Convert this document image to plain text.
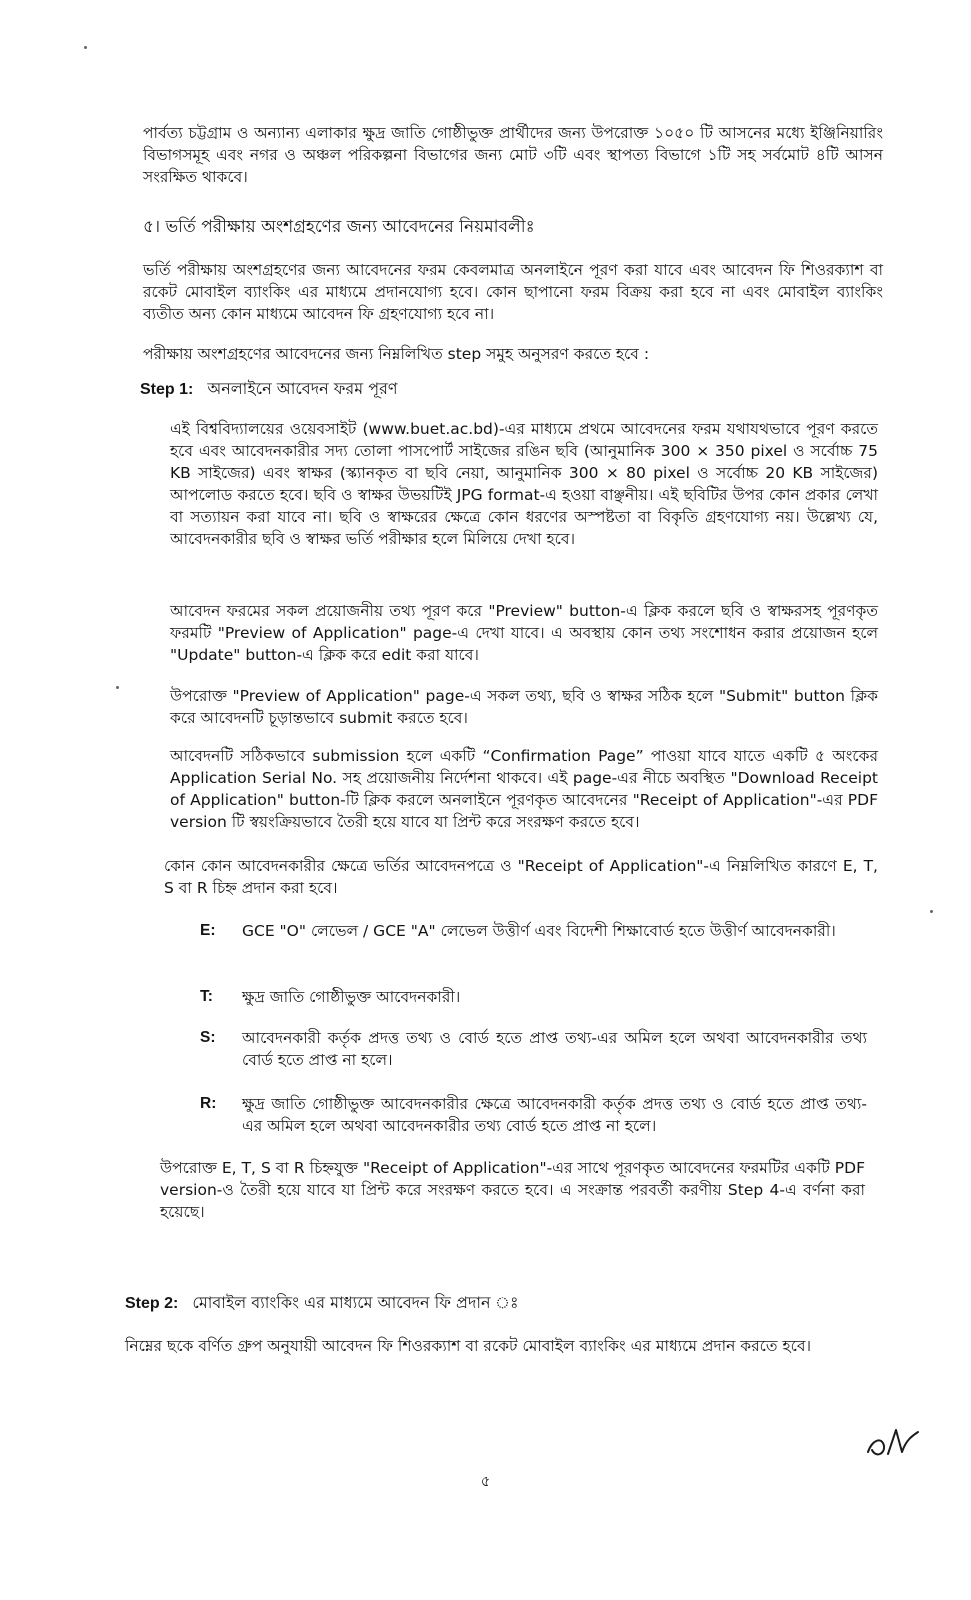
পার্বত্য চট্টগ্রাম ও অন্যান্য এলাকার ক্ষুদ্র জাতি গোষ্ঠীভুক্ত প্রার্থীদের জন্য উপরোক্ত ১০৫০ টি আসনের মধ্যে ইঞ্জিনিয়ারিং বিভাগসমূহ এবং নগর ও অঞ্চল পরিকল্পনা বিভাগের জন্য মোট ৩টি এবং স্থাপত্য বিভাগে ১টি সহ সর্বমোট ৪টি আসন সংরক্ষিত থাকবে।

৫। ভর্তি পরীক্ষায় অংশগ্রহণের জন্য আবেদনের নিয়মাবলীঃ

ভর্তি পরীক্ষায় অংশগ্রহণের জন্য আবেদনের ফরম কেবলমাত্র অনলাইনে পূরণ করা যাবে এবং আবেদন ফি শিওরক্যাশ বা রকেট মোবাইল ব্যাংকিং এর মাধ্যমে প্রদানযোগ্য হবে। কোন ছাপানো ফরম বিক্রয় করা হবে না এবং মোবাইল ব্যাংকিং ব্যতীত অন্য কোন মাধ্যমে আবেদন ফি গ্রহণযোগ্য হবে না।

পরীক্ষায় অংশগ্রহণের আবেদনের জন্য নিম্নলিখিত step সমুহ অনুসরণ করতে হবে :

Step 1: অনলাইনে আবেদন ফরম পূরণ

এই বিশ্ববিদ্যালয়ের ওয়েবসাইট (www.buet.ac.bd)-এর মাধ্যমে প্রথমে আবেদনের ফরম যথাযথভাবে পূরণ করতে হবে এবং আবেদনকারীর সদ্য তোলা পাসপোর্ট সাইজের রঙিন ছবি (আনুমানিক 300 × 350 pixel ও সর্বোচ্চ 75 KB সাইজের) এবং স্বাক্ষর (স্ক্যানকৃত বা ছবি নেয়া, আনুমানিক 300 × 80 pixel ও সর্বোচ্চ 20 KB সাইজের) আপলোড করতে হবে। ছবি ও স্বাক্ষর উভয়টিই JPG format-এ হওয়া বাঞ্ছনীয়। এই ছবিটির উপর কোন প্রকার লেখা বা সত্যায়ন করা যাবে না। ছবি ও স্বাক্ষরের ক্ষেত্রে কোন ধরণের অস্পষ্টতা বা বিকৃতি গ্রহণযোগ্য নয়। উল্লেখ্য যে, আবেদনকারীর ছবি ও স্বাক্ষর ভর্তি পরীক্ষার হলে মিলিয়ে দেখা হবে।

আবেদন ফরমের সকল প্রয়োজনীয় তথ্য পূরণ করে "Preview" button-এ ক্লিক করলে ছবি ও স্বাক্ষরসহ পূরণকৃত ফরমটি "Preview of Application" page-এ দেখা যাবে। এ অবস্থায় কোন তথ্য সংশোধন করার প্রয়োজন হলে "Update" button-এ ক্লিক করে edit করা যাবে।

উপরোক্ত "Preview of Application" page-এ সকল তথ্য, ছবি ও স্বাক্ষর সঠিক হলে "Submit" button ক্লিক করে আবেদনটি চূড়ান্তভাবে submit করতে হবে।

আবেদনটি সঠিকভাবে submission হলে একটি “Confirmation Page” পাওয়া যাবে যাতে একটি ৫ অংকের Application Serial No. সহ প্রয়োজনীয় নির্দেশনা থাকবে। এই page-এর নীচে অবস্থিত "Download Receipt of Application" button-টি ক্লিক করলে অনলাইনে পূরণকৃত আবেদনের "Receipt of Application"-এর PDF version টি স্বয়ংক্রিয়ভাবে তৈরী হয়ে যাবে যা প্রিন্ট করে সংরক্ষণ করতে হবে।

কোন কোন আবেদনকারীর ক্ষেত্রে ভর্তির আবেদনপত্রে ও "Receipt of Application"-এ নিম্নলিখিত কারণে E, T, S বা R চিহ্ন প্রদান করা হবে।

E: GCE "O" লেভেল / GCE "A" লেভেল উত্তীর্ণ এবং বিদেশী শিক্ষাবোর্ড হতে উত্তীর্ণ আবেদনকারী।
T: ক্ষুদ্র জাতি গোষ্ঠীভুক্ত আবেদনকারী।
S: আবেদনকারী কর্তৃক প্রদত্ত তথ্য ও বোর্ড হতে প্রাপ্ত তথ্য-এর অমিল হলে অথবা আবেদনকারীর তথ্য বোর্ড হতে প্রাপ্ত না হলে।
R: ক্ষুদ্র জাতি গোষ্ঠীভুক্ত আবেদনকারীর ক্ষেত্রে আবেদনকারী কর্তৃক প্রদত্ত তথ্য ও বোর্ড হতে প্রাপ্ত তথ্য-এর অমিল হলে অথবা আবেদনকারীর তথ্য বোর্ড হতে প্রাপ্ত না হলে।

উপরোক্ত E, T, S বা R চিহ্নযুক্ত "Receipt of Application"-এর সাথে পূরণকৃত আবেদনের ফরমটির একটি PDF version-ও তৈরী হয়ে যাবে যা প্রিন্ট করে সংরক্ষণ করতে হবে। এ সংক্রান্ত পরবর্তী করণীয় Step 4-এ বর্ণনা করা হয়েছে।

Step 2: মোবাইল ব্যাংকিং এর মাধ্যমে আবেদন ফি প্রদান ঃ

নিম্নের ছকে বর্ণিত গ্রুপ অনুযায়ী আবেদন ফি শিওরক্যাশ বা রকেট মোবাইল ব্যাংকিং এর মাধ্যমে প্রদান করতে হবে।

৫
